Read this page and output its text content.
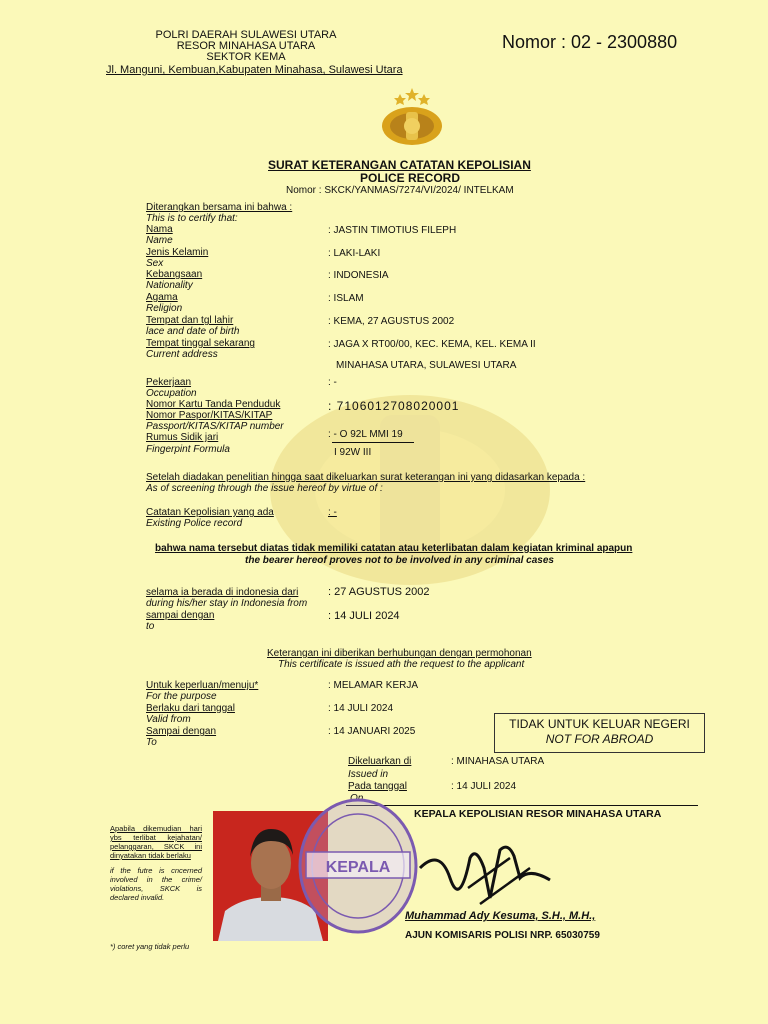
POLRI DAERAH SULAWESI UTARA
RESOR MINAHASA UTARA
SEKTOR KEMA
Jl. Manguni, Kembuan,Kabupaten Minahasa, Sulawesi Utara
Nomor : 02 - 2300880
SURAT KETERANGAN CATATAN KEPOLISIAN
POLICE RECORD
Nomor : SKCK/YANMAS/7274/VI/2024/ INTELKAM
Diterangkan bersama ini bahwa :
This is to certify that:
Nama
Name
: JASTIN TIMOTIUS FILEPH
Jenis Kelamin
Sex
: LAKI-LAKI
Kebangsaan
Nationality
: INDONESIA
Agama
Religion
: ISLAM
Tempat dan tgl lahir
lace and date of birth
: KEMA, 27 AGUSTUS 2002
Tempat tinggal sekarang
Current address
: JAGA X RT00/00, KEC. KEMA, KEL. KEMA II
MINAHASA UTARA, SULAWESI UTARA
Pekerjaan
Occupation
: -
Nomor Kartu Tanda Penduduk	: 7106012708020001
Nomor Paspor/KITAS/KITAP
Passport/KITAS/KITAP number
Rumus Sidik jari
Fingerpint Formula
: - O 92L MMI 19
I 92W III
Setelah diadakan penelitian hingga saat dikeluarkan surat keterangan ini yang didasarkan kepada :
As of screening through the issue hereof by virtue of :
Catatan Kepolisian yang ada
Existing Police record
: -
bahwa nama tersebut diatas tidak memiliki catatan atau keterlibatan dalam kegiatan kriminal apapun
the bearer hereof proves not to be involved in any criminal cases
selama ia berada di indonesia dari
during his/her stay in Indonesia from
: 27 AGUSTUS 2002
sampai dengan
to
: 14 JULI 2024
Keterangan ini diberikan berhubungan dengan permohonan
This certificate is issued ath the request to the applicant
Untuk keperluan/menuju*
For the purpose
: MELAMAR KERJA
Berlaku dari tanggal
Valid from
: 14 JULI 2024
Sampai dengan
To
: 14 JANUARI 2025
TIDAK UNTUK KELUAR NEGERI
NOT FOR ABROAD
Dikeluarkan di
Issued in
: MINAHASA UTARA
Pada tanggal	: 14 JULI 2024
On
KEPALA KEPOLISIAN RESOR MINAHASA UTARA
KEPALA
Muhammad Ady Kesuma, S.H., M.H.,
AJUN KOMISARIS POLISI NRP. 65030759
Apabila dikemudian hari ybs terlibat kejahatan/ pelanggaran, SKCK ini dinyatakan tidak berlaku
if the futre is cncerned involved in the crime/ violations, SKCK is declared invalid.
*) coret yang tidak perlu
